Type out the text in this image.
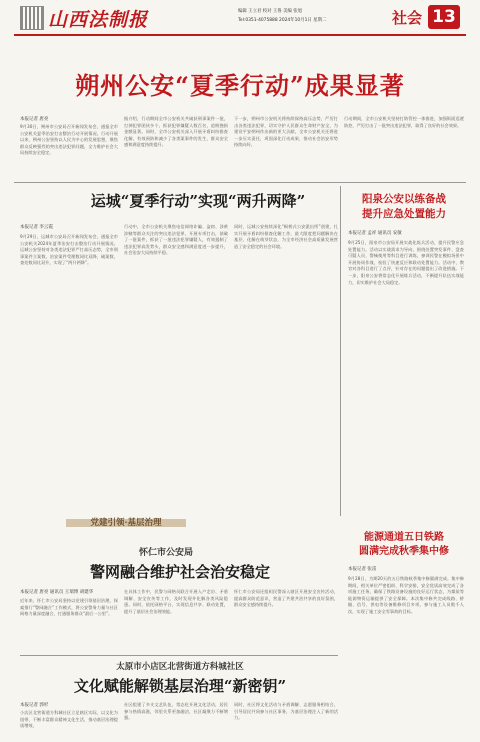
山西法制报	编辑 王立君 校对 王鲁 美编 张旭
Tel:0351-4075888 2024年10月1日 星期二	社会 13
朔州公安“夏季行动”成果显著
本报记者 唐亮
9月30日，朔州市公安局召开新闻发布会，通报全市公安机关夏季治安打击整治行动开展情况。行动开展以来，朔州公安坚持以人民为中心的发展思想，聚焦群众反映强烈的突出违法犯罪问题，全力维护社会大局持续安全稳定。
据介绍，行动期间全市公安机关共破获刑事案件一批，打掉犯罪团伙多个，抓获犯罪嫌疑人数百名，追赃挽损金额显著。同时，全市公安机关深入开展矛盾纠纷排查化解，有效预防和减少了各类案事件的发生，群众安全感和满意度持续提升。
下一步，朔州市公安机关将持续保持高压态势，严厉打击各类违法犯罪，切实守护人民群众生命财产安全，为建设平安朔州作出新的更大贡献。全市公安机关还将进一步压实责任，巩固深化行动成果，推动社会治安形势持续向好。
行动期间，全市公安机关坚持打防管控一体推进，加强街面巡逻防控，严厉打击了一批突出违法犯罪，取得了良好的社会效果。
运城“夏季行动”实现“两升两降”
本报记者 李云霞
9月29日，运城市公安局召开新闻发布会，通报全市公安机关2024年夏季治安打击整治行动开展情况。运城公安坚持对各类违法犯罪严打高压态势，全市刑事案件立案数、治安案件受理数同比双降，破案数、查处数同比双升，实现了“两升两降”。
行动中，全市公安机关聚焦电信网络诈骗、盗窃、涉黄涉赌等群众关注的突出违法犯罪，开展专项打击，侦破了一批案件，抓获了一批违法犯罪嫌疑人，有效遏制了违法犯罪高发势头，群众安全感和满意度进一步提升，社会治安大局持续平稳。
同时，运城公安持续深化“枫桥式公安派出所”创建，扎实开展矛盾纠纷排查化解工作，最大限度把问题解决在基层、化解在萌芽状态，为全市经济社会高质量发展营造了安全稳定的社会环境。
阳泉公安以练备战
提升应急处置能力
本报记者 孟祥 通讯员 安敏
9月25日，阳泉市公安局开展实战化练兵活动，提升民警应急处置能力。活动以实战需求为导向，围绕处置突发事件、盘查可疑人员、警械使用等科目进行训练，参训民警在模拟场景中开展协同作战，检验了快速反应和联动处置能力。活动中，教官对各科目进行了点评，针对存在的问题提出了改进措施。下一步，阳泉公安将常态化开展练兵活动，不断提升队伍实战能力，切实维护社会大局稳定。
党建引领·基层治理
怀仁市公安局
警网融合维护社会治安稳定
本报记者 唐亮 通讯员 王瑞博 胡建华
近年来，怀仁市公安局坚持以党建引领基层治理，探索推行“警网融合”工作模式，将公安警务力量与社区网格力量深度融合，打通服务群众“最后一公里”。
在具体工作中，民警与网格员联合开展入户走访、矛盾调解、安全宣传等工作，及时发现并化解各类风险隐患。同时，依托网格平台，实现信息共享、联动处置，提升了基层社会治理效能。
怀仁市公安局还组织民警深入辖区开展安全宣传活动，提高群众防范意识，营造了共建共治共享的良好氛围，群众安全感持续提升。
能源通道五日铁路
圆满完成秋季集中修
本报记者 张雷
9月28日，为期20天的五日铁路秋季集中修圆满完成。集中修期间，相关单位严密组织、科学安排，安全优质高效完成了各项施工任务，确保了铁路设备设施的良好运行状态，为煤炭等能源物资运输提供了安全保障。本次集中修共完成线路、桥隧、信号、供电等设备维修项目多项，参与施工人员数千人次，实现了施工安全零事故的目标。
太原市小店区北营街道方科城社区
文化赋能解锁基层治理“新密钥”
本报记者 郭杉
小店区北营街道方科城社区立足辖区实际，以文化为纽带，不断丰富群众精神文化生活，推动基层治理提质增效。
社区组建了多支文艺队伍，常态化开展文化活动，居民参与热情高涨，邻里关系更加融洽，社区凝聚力不断增强。
同时，社区将文化活动与矛盾调解、志愿服务相结合，引导居民共同参与社区事务，为基层治理注入了新的活力。
